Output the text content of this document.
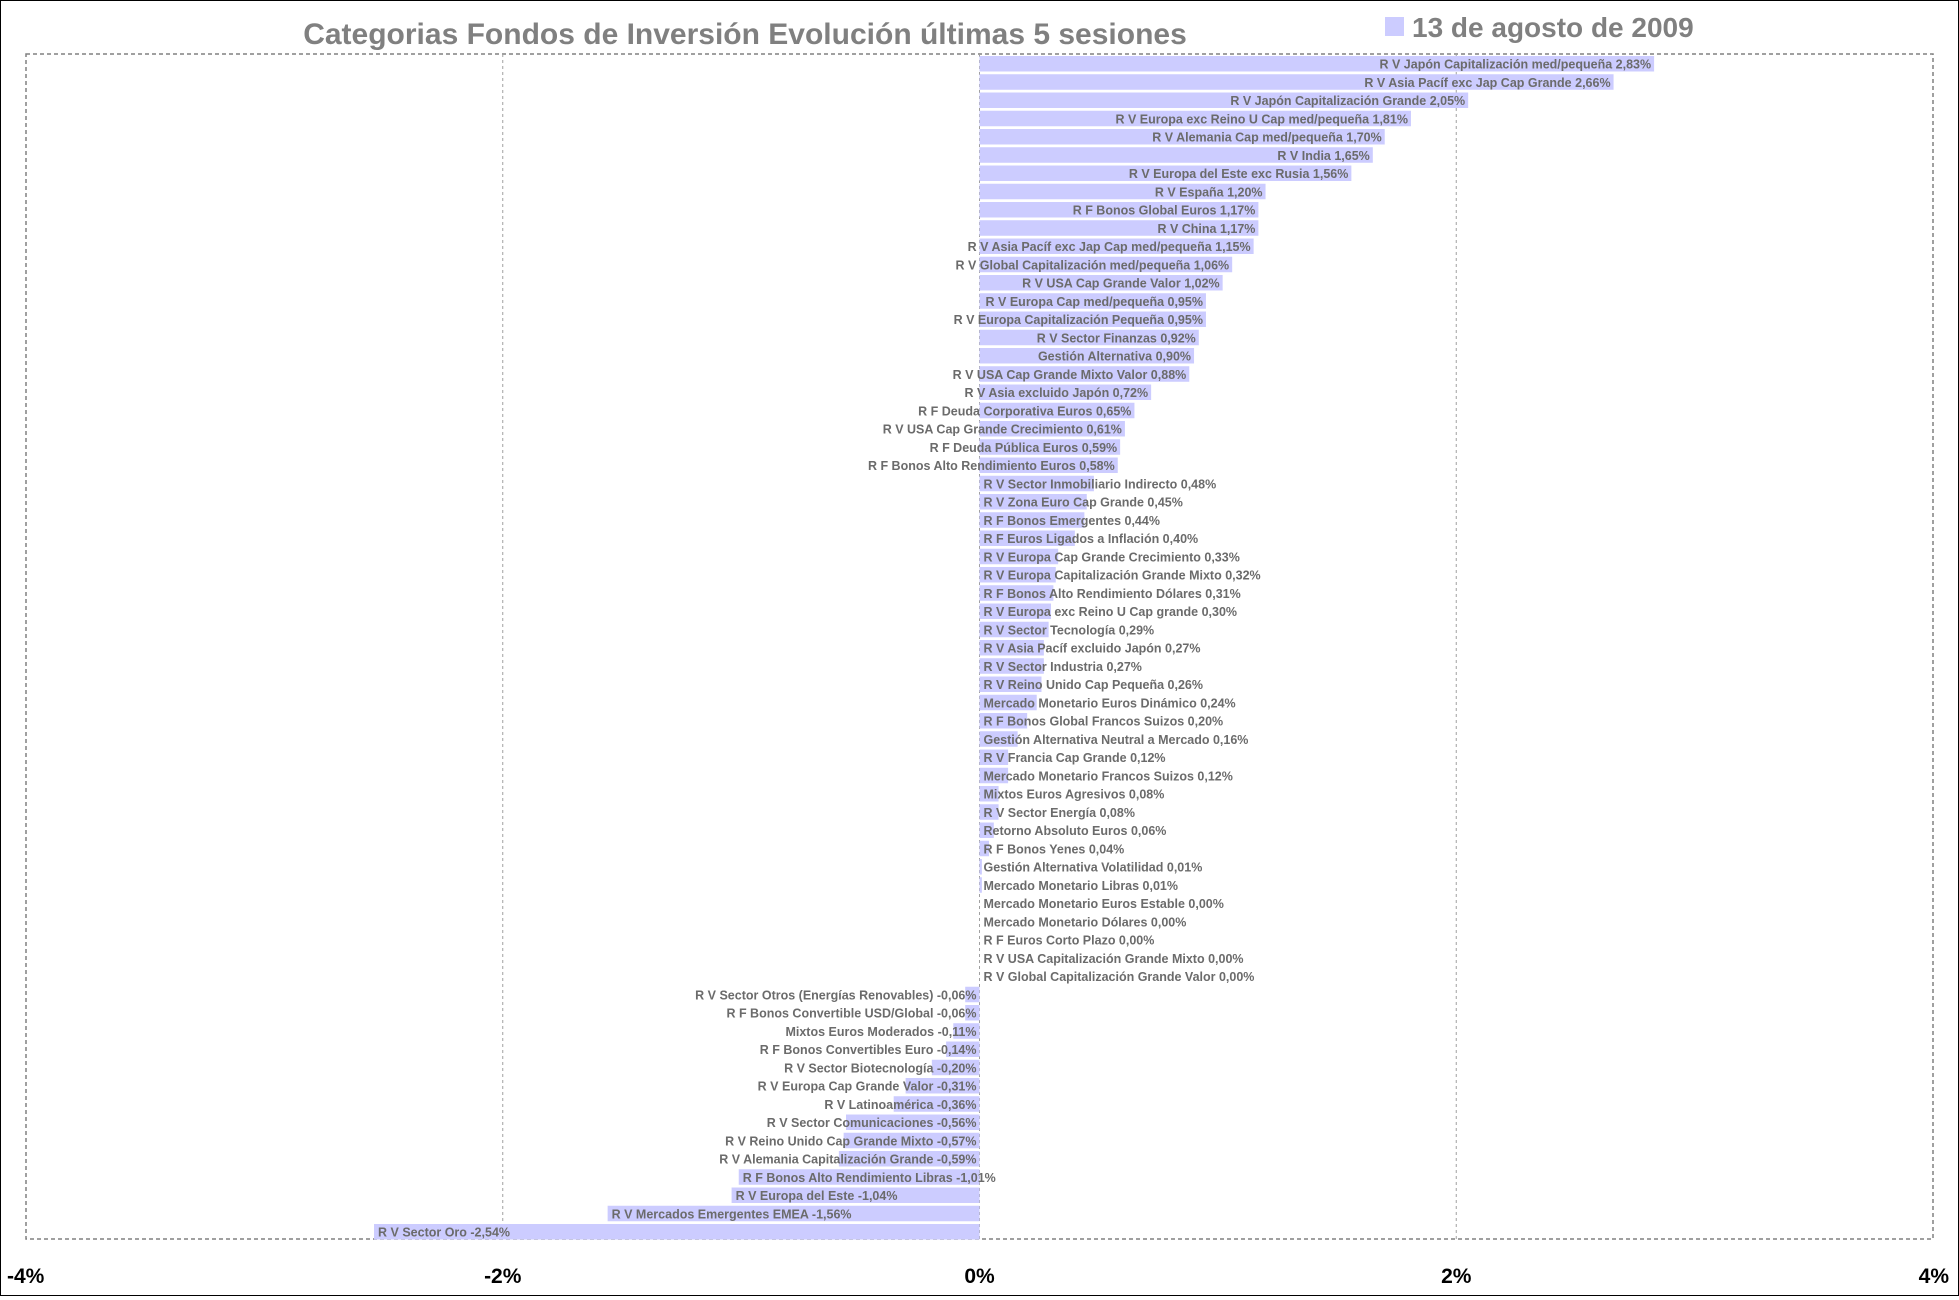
Categorias Fondos de Inversión Evolución últimas 5 sesiones	13 de agosto de 2009
R V Japón Capitalización med/pequeña 2,83%
R V Asia Pacíf exc Jap Cap Grande 2,66%
R V Japón Capitalización Grande 2,05%
R V Europa exc Reino U Cap med/pequeña 1,81%
R V Alemania Cap med/pequeña 1,70%
R V India 1,65%
R V Europa del Este exc Rusia 1,56%
R V España 1,20%
R F Bonos Global Euros 1,17%
R V China 1,17%
R V Asia Pacíf exc Jap Cap med/pequeña 1,15%
R V Global Capitalización med/pequeña 1,06%
R V USA Cap Grande Valor 1,02%
R V Europa Cap med/pequeña 0,95%
R V Europa Capitalización Pequeña 0,95%
R V Sector Finanzas 0,92%
Gestión Alternativa 0,90%
R V USA Cap Grande Mixto Valor 0,88%
R V Asia excluido Japón 0,72%
R F Deuda Corporativa Euros 0,65%
R V USA Cap Grande Crecimiento 0,61%
R F Deuda Pública Euros 0,59%
R F Bonos Alto Rendimiento Euros 0,58%
R V Sector Inmobiliario Indirecto 0,48%
R V Zona Euro Cap Grande 0,45%
R F Bonos Emergentes 0,44%
R F Euros Ligados a Inflación 0,40%
R V Europa Cap Grande Crecimiento 0,33%
R V Europa Capitalización Grande Mixto 0,32%
R F Bonos Alto Rendimiento Dólares 0,31%
R V Europa exc Reino U Cap grande 0,30%
R V Sector Tecnología 0,29%
R V Asia Pacíf excluido Japón 0,27%
R V Sector Industria 0,27%
R V Reino Unido Cap Pequeña 0,26%
Mercado Monetario Euros Dinámico 0,24%
R F Bonos Global Francos Suizos 0,20%
Gestión Alternativa Neutral a Mercado 0,16%
R V Francia Cap Grande 0,12%
Mercado Monetario Francos Suizos 0,12%
Mixtos Euros Agresivos 0,08%
R V Sector Energía 0,08%
Retorno Absoluto Euros 0,06%
R F Bonos Yenes 0,04%
Gestión Alternativa Volatilidad 0,01%
Mercado Monetario Libras 0,01%
Mercado Monetario Euros Estable 0,00%
Mercado Monetario Dólares 0,00%
R F Euros Corto Plazo 0,00%
R V USA Capitalización Grande Mixto 0,00%
R V Global Capitalización Grande Valor 0,00%
R V Sector Otros (Energías Renovables) -0,06%
R F Bonos Convertible USD/Global -0,06%
Mixtos Euros Moderados -0,11%
R F Bonos Convertibles Euro -0,14%
R V Sector Biotecnología -0,20%
R V Europa Cap Grande Valor -0,31%
R V Latinoamérica -0,36%
R V Sector Comunicaciones -0,56%
R V Reino Unido Cap Grande Mixto -0,57%
R V Alemania Capitalización Grande -0,59%
R F Bonos Alto Rendimiento Libras -1,01%
R V Europa del Este -1,04%
R V Mercados Emergentes EMEA -1,56%
R V Sector Oro -2,54%
-4%	-2%	0%	2%	4%
